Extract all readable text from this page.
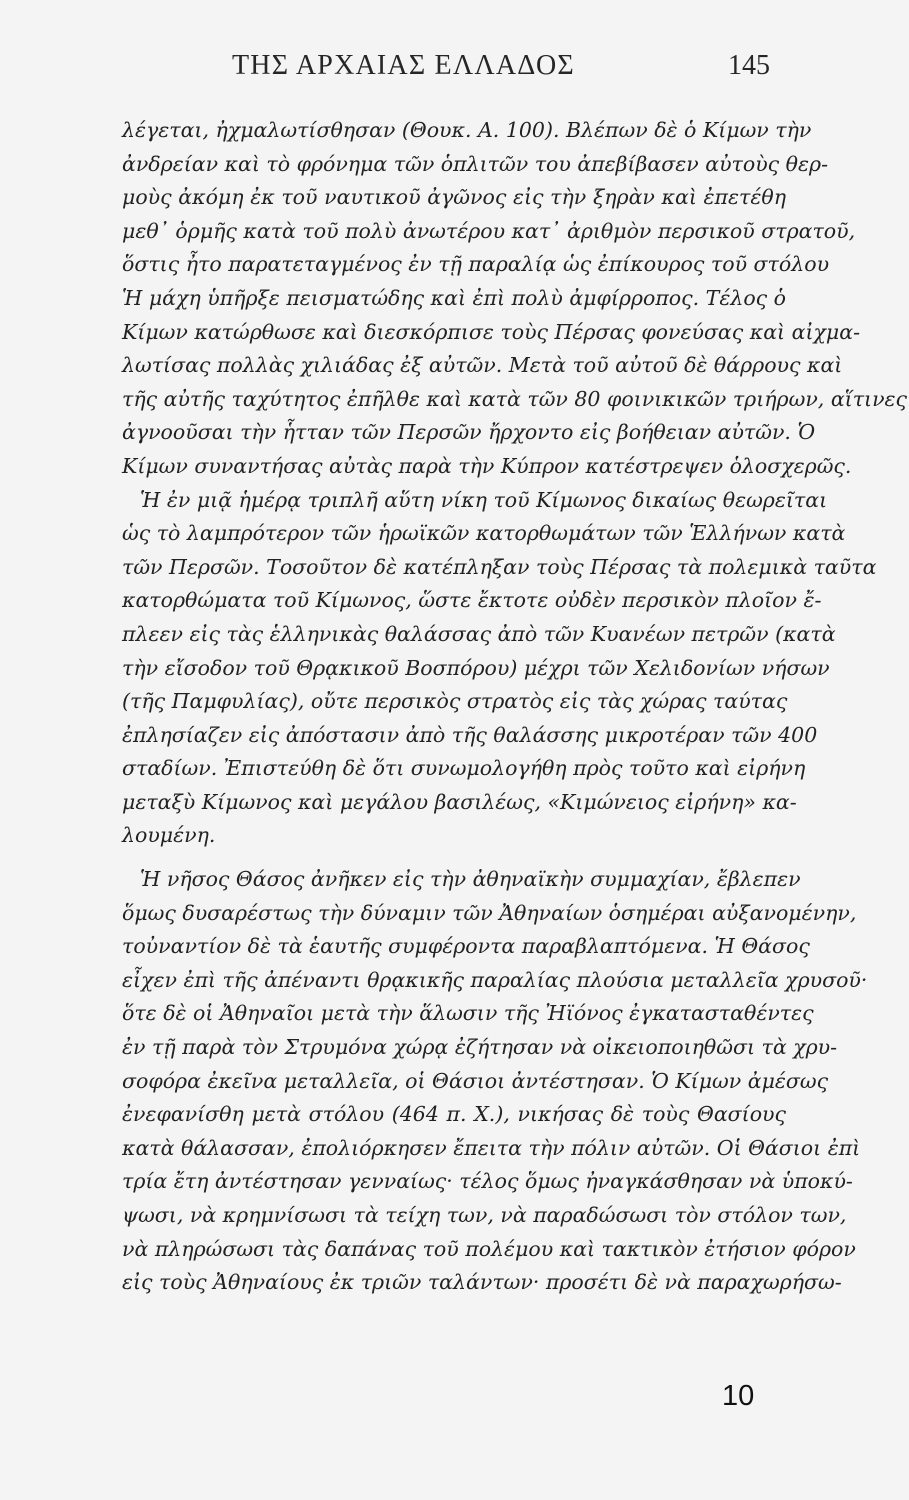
ΤΗΣ ΑΡΧΑΙΑΣ ΕΛΛΑΔΟΣ	145
λέγεται, ἠχμαλωτίσθησαν (Θουκ. Α. 100). Βλέπων δὲ ὁ Κίμων τὴν
ἀνδρείαν καὶ τὸ φρόνημα τῶν ὁπλιτῶν του ἀπεβίβασεν αὐτοὺς θερ-
μοὺς ἀκόμη ἐκ τοῦ ναυτικοῦ ἀγῶνος εἰς τὴν ξηρὰν καὶ ἐπετέθη
μεθ᾽ ὁρμῆς κατὰ τοῦ πολὺ ἀνωτέρου κατ᾽ ἀριθμὸν περσικοῦ στρατοῦ,
ὅστις ἦτο παρατεταγμένος ἐν τῇ παραλίᾳ ὡς ἐπίκουρος τοῦ στόλου
Ἡ μάχη ὑπῆρξε πεισματώδης καὶ ἐπὶ πολὺ ἀμφίρροπος. Τέλος ὁ
Κίμων κατώρθωσε καὶ διεσκόρπισε τοὺς Πέρσας φονεύσας καὶ αἰχμα-
λωτίσας πολλὰς χιλιάδας ἐξ αὐτῶν. Μετὰ τοῦ αὐτοῦ δὲ θάρρους καὶ
τῆς αὐτῆς ταχύτητος ἐπῆλθε καὶ κατὰ τῶν 80 φοινικικῶν τριήρων, αἵτινες
ἀγνοοῦσαι τὴν ἧτταν τῶν Περσῶν ἤρχοντο εἰς βοήθειαν αὐτῶν. Ὁ
Κίμων συναντήσας αὐτὰς παρὰ τὴν Κύπρον κατέστρεψεν ὁλοσχερῶς.
Ἡ ἐν μιᾷ ἡμέρᾳ τριπλῆ αὕτη νίκη τοῦ Κίμωνος δικαίως θεωρεῖται
ὡς τὸ λαμπρότερον τῶν ἡρωϊκῶν κατορθωμάτων τῶν Ἑλλήνων κατὰ
τῶν Περσῶν. Τοσοῦτον δὲ κατέπληξαν τοὺς Πέρσας τὰ πολεμικὰ ταῦτα
κατορθώματα τοῦ Κίμωνος, ὥστε ἔκτοτε οὐδὲν περσικὸν πλοῖον ἔ-
πλεεν εἰς τὰς ἑλληνικὰς θαλάσσας ἀπὸ τῶν Κυανέων πετρῶν (κατὰ
τὴν εἴσοδον τοῦ Θρᾳκικοῦ Βοσπόρου) μέχρι τῶν Χελιδονίων νήσων
(τῆς Παμφυλίας), οὔτε περσικὸς στρατὸς εἰς τὰς χώρας ταύτας
ἐπλησίαζεν εἰς ἀπόστασιν ἀπὸ τῆς θαλάσσης μικροτέραν τῶν 400
σταδίων. Ἐπιστεύθη δὲ ὅτι συνωμολογήθη πρὸς τοῦτο καὶ εἰρήνη
μεταξὺ Κίμωνος καὶ μεγάλου βασιλέως, «Κιμώνειος εἰρήνη» κα-
λουμένη.
Ἡ νῆσος Θάσος ἀνῆκεν εἰς τὴν ἀθηναϊκὴν συμμαχίαν, ἔβλεπεν
ὅμως δυσαρέστως τὴν δύναμιν τῶν Ἀθηναίων ὁσημέραι αὐξανομένην,
τοὐναντίον δὲ τὰ ἑαυτῆς συμφέροντα παραβλαπτόμενα. Ἡ Θάσος
εἶχεν ἐπὶ τῆς ἀπέναντι θρᾳκικῆς παραλίας πλούσια μεταλλεῖα χρυσοῦ·
ὅτε δὲ οἱ Ἀθηναῖοι μετὰ τὴν ἅλωσιν τῆς Ἠϊόνος ἐγκατασταθέντες
ἐν τῇ παρὰ τὸν Στρυμόνα χώρᾳ ἐζήτησαν νὰ οἰκειοποιηθῶσι τὰ χρυ-
σοφόρα ἐκεῖνα μεταλλεῖα, οἱ Θάσιοι ἀντέστησαν. Ὁ Κίμων ἀμέσως
ἐνεφανίσθη μετὰ στόλου (464 π. Χ.), νικήσας δὲ τοὺς Θασίους
κατὰ θάλασσαν, ἐπολιόρκησεν ἔπειτα τὴν πόλιν αὐτῶν. Οἱ Θάσιοι ἐπὶ
τρία ἔτη ἀντέστησαν γενναίως· τέλος ὅμως ἠναγκάσθησαν νὰ ὑποκύ-
ψωσι, νὰ κρημνίσωσι τὰ τείχη των, νὰ παραδώσωσι τὸν στόλον των,
νὰ πληρώσωσι τὰς δαπάνας τοῦ πολέμου καὶ τακτικὸν ἐτήσιον φόρον
εἰς τοὺς Ἀθηναίους ἐκ τριῶν ταλάντων· προσέτι δὲ νὰ παραχωρήσω-
10
